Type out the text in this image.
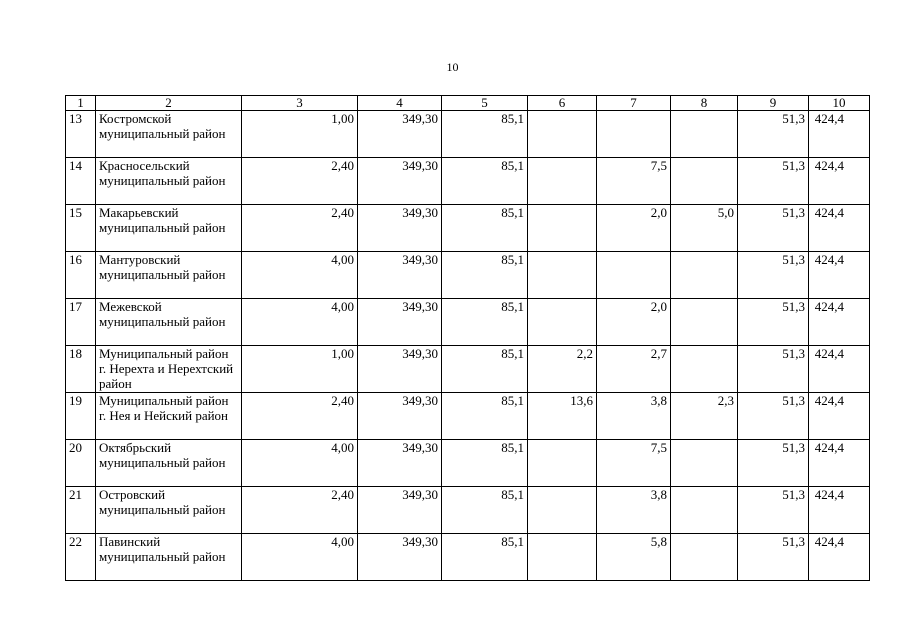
10
1	2	3	4	5	6	7	8	9	10
13	Костромской муниципальный район	1,00	349,30	85,1				51,3	424,4
14	Красносельский муниципальный район	2,40	349,30	85,1		7,5		51,3	424,4
15	Макарьевский муниципальный район	2,40	349,30	85,1		2,0	5,0	51,3	424,4
16	Мантуровский муниципальный район	4,00	349,30	85,1				51,3	424,4
17	Межевской муниципальный район	4,00	349,30	85,1		2,0		51,3	424,4
18	Муниципальный район г. Нерехта и Нерехтский район	1,00	349,30	85,1	2,2	2,7		51,3	424,4
19	Муниципальный район г. Нея и Нейский район	2,40	349,30	85,1	13,6	3,8	2,3	51,3	424,4
20	Октябрьский муниципальный район	4,00	349,30	85,1		7,5		51,3	424,4
21	Островский муниципальный район	2,40	349,30	85,1		3,8		51,3	424,4
22	Павинский муниципальный район	4,00	349,30	85,1		5,8		51,3	424,4
